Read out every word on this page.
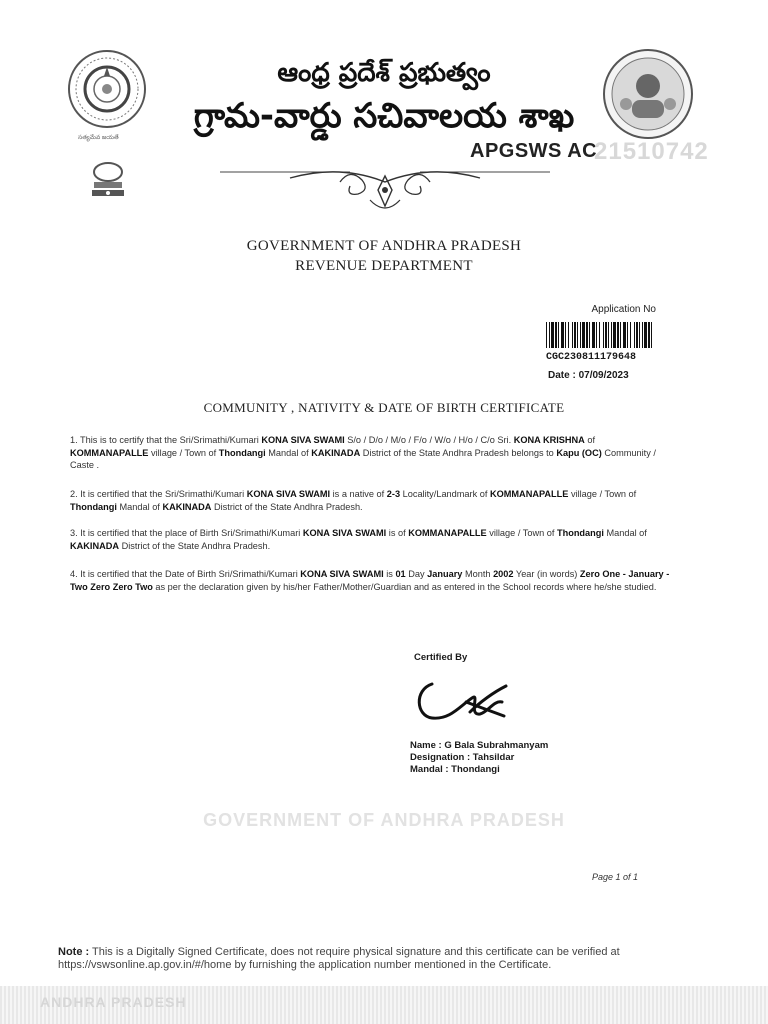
సత్యమేవ జయతే
ఆంధ్ర ప్రదేశ్ ప్రభుత్వం
గ్రామ-వార్డు సచివాలయ శాఖ
APGSWS AC
21510742
GOVERNMENT OF ANDHRA PRADESH
REVENUE DEPARTMENT
Application No
CGC230811179648
Date : 07/09/2023
COMMUNITY , NATIVITY & DATE OF BIRTH CERTIFICATE
1. This is to certify that the Sri/Srimathi/Kumari KONA SIVA SWAMI S/o / D/o / M/o / F/o / W/o / H/o / C/o Sri. KONA KRISHNA of KOMMANAPALLE village / Town of Thondangi Mandal of KAKINADA District of the State Andhra Pradesh belongs to Kapu (OC) Community / Caste .
2. It is certified that the Sri/Srimathi/Kumari KONA SIVA SWAMI is a native of 2-3 Locality/Landmark of KOMMANAPALLE village / Town of Thondangi Mandal of KAKINADA District of the State Andhra Pradesh.
3. It is certified that the place of Birth Sri/Srimathi/Kumari KONA SIVA SWAMI is of KOMMANAPALLE village / Town of Thondangi Mandal of KAKINADA District of the State Andhra Pradesh.
4. It is certified that the Date of Birth Sri/Srimathi/Kumari KONA SIVA SWAMI is 01 Day January Month 2002 Year (in words) Zero One - January - Two Zero Zero Two as per the declaration given by his/her Father/Mother/Guardian and as entered in the School records where he/she studied.
Certified By
Name : G Bala Subrahmanyam
Designation : Tahsildar
Mandal : Thondangi
GOVERNMENT OF ANDHRA PRADESH
Page 1 of 1
Note : This is a Digitally Signed Certificate, does not require physical signature and this certificate can be verified at https://vswsonline.ap.gov.in/#/home by furnishing the application number mentioned in the Certificate.
ANDHRA PRADESH
